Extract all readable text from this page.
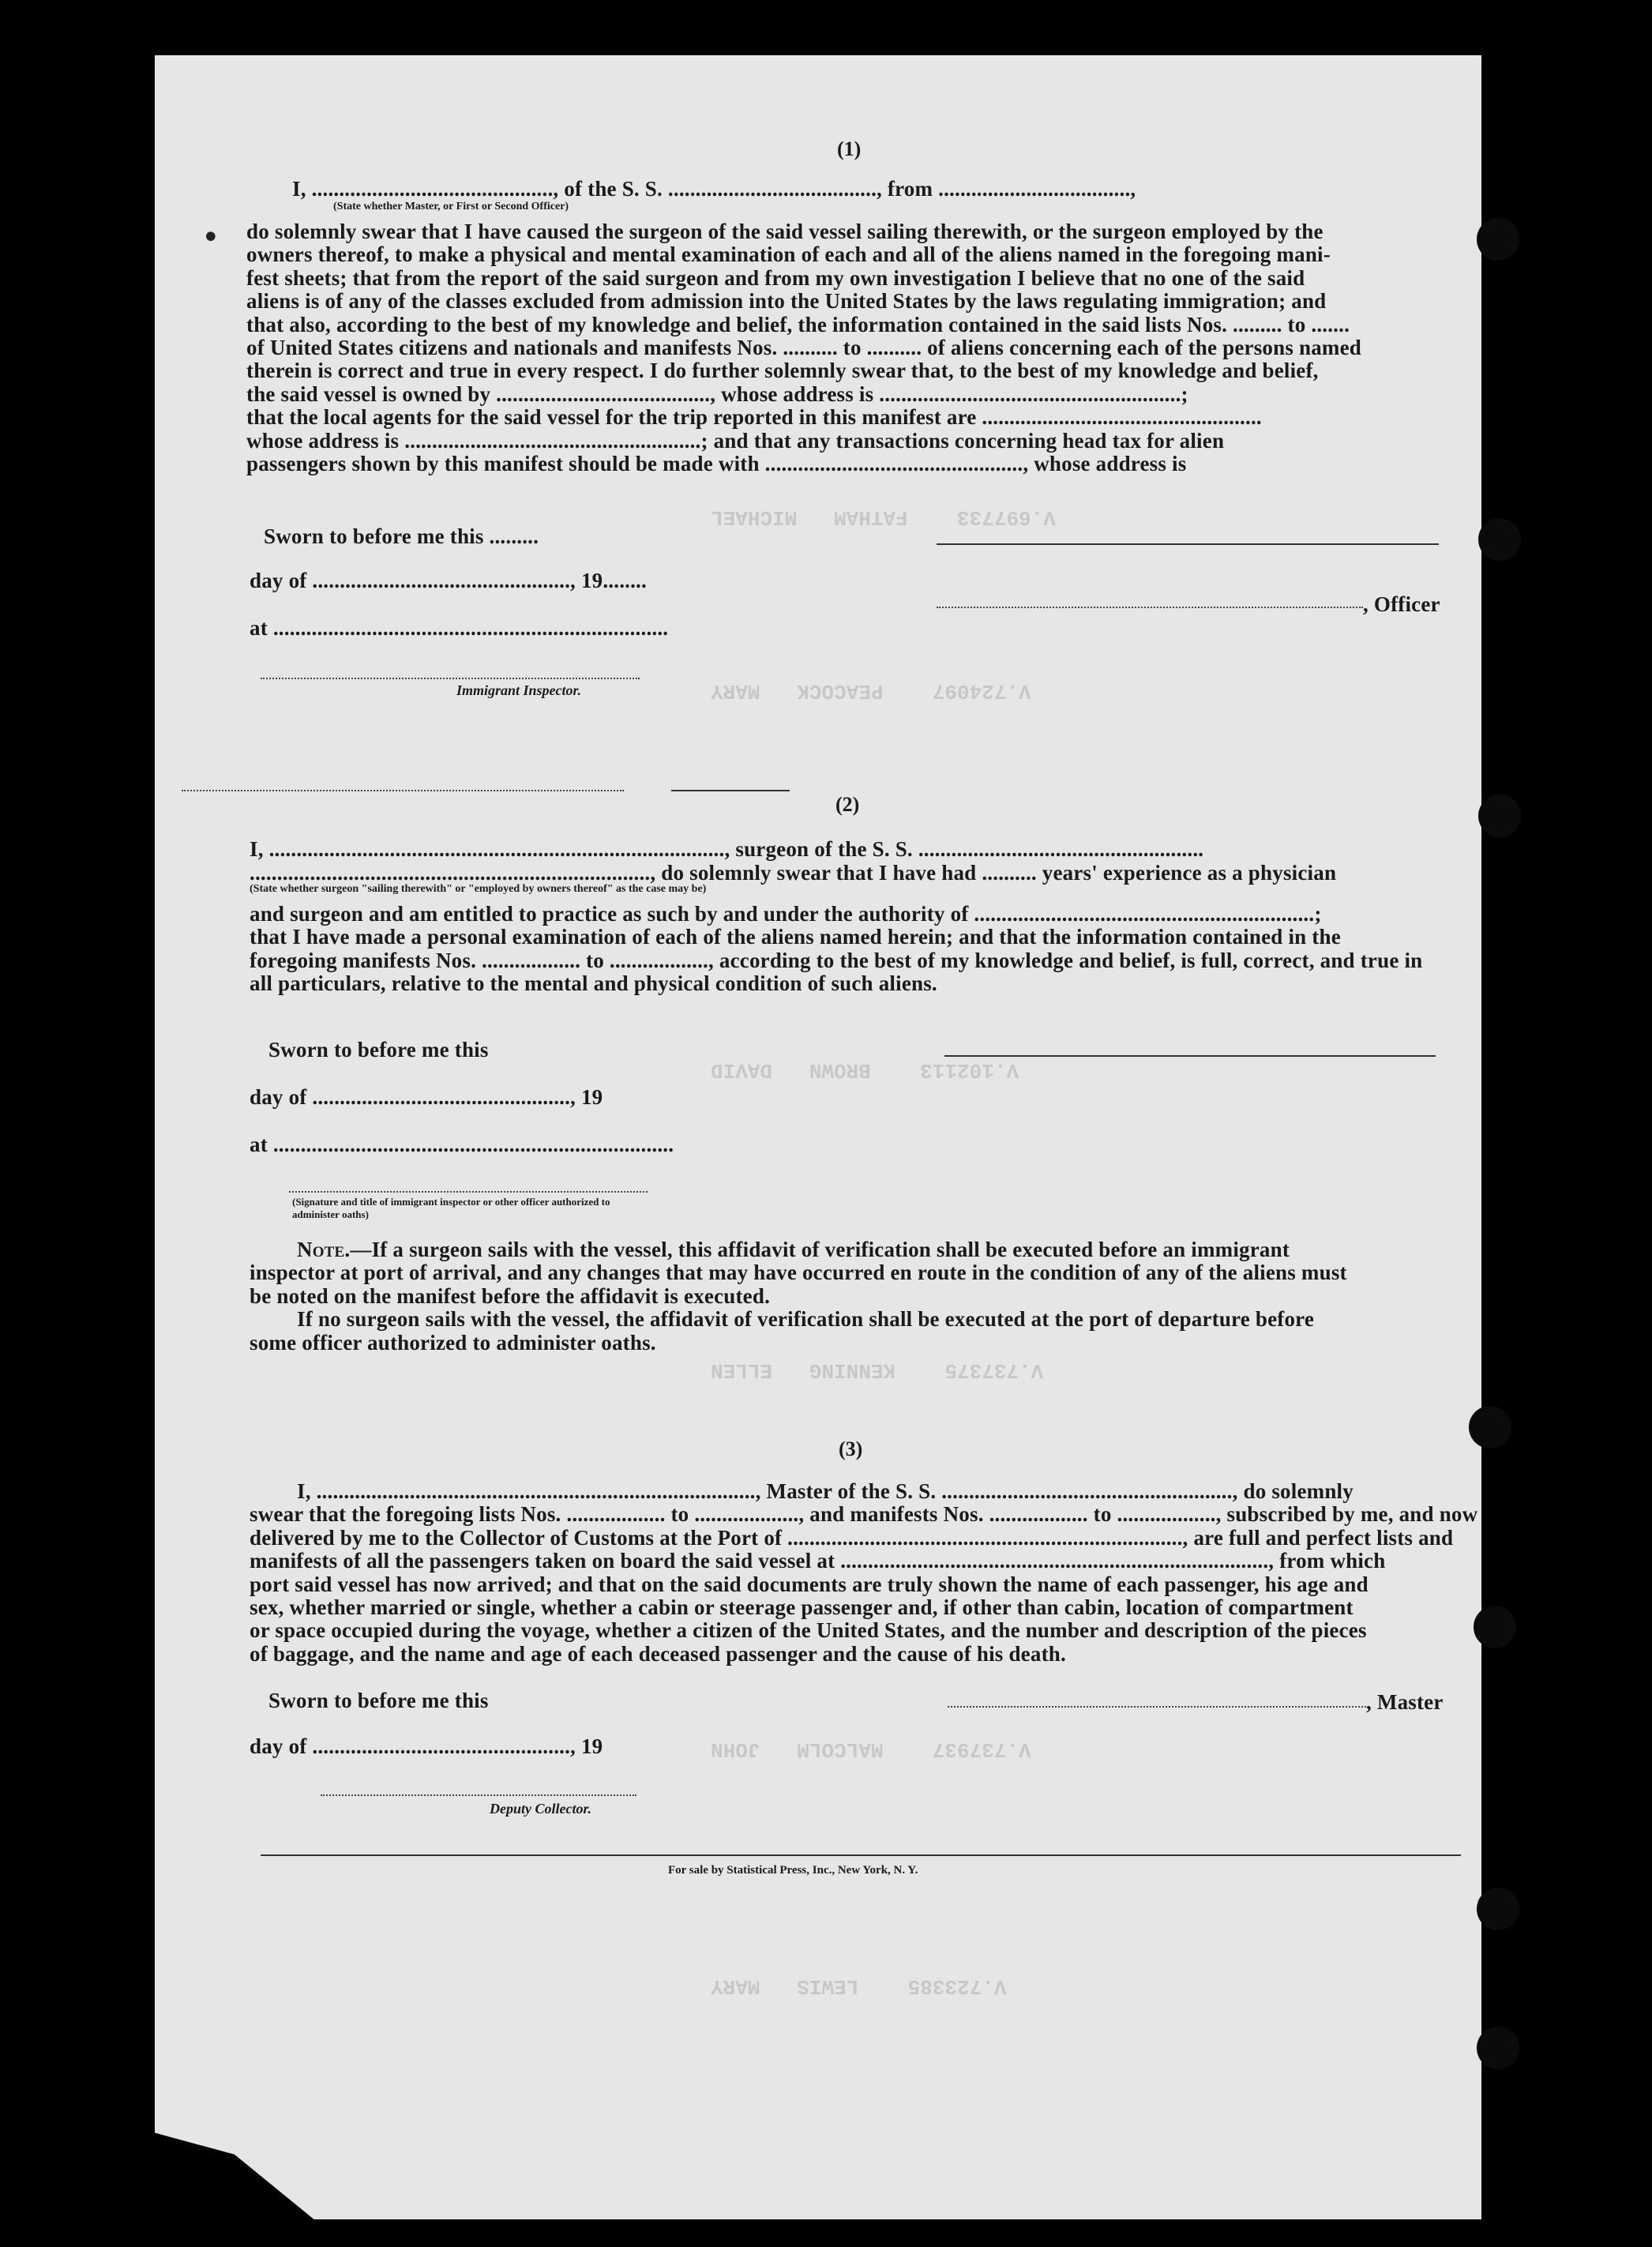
V.697733    FATHAM   MICHAEL
V.724097    PEACOCK   MARY
V.102113    BROWN   DAVID
V.737375    KENNING   ELLEN
V.737937    MALCOLM   JOHN
V.723385    LEWIS   MARY
(1)
I, ............................................, of the S. S. ......................................, from ...................................,
(State whether Master, or First or Second Officer)
do solemnly swear that I have caused the surgeon of the said vessel sailing therewith, or the surgeon employed by the
owners thereof, to make a physical and mental examination of each and all of the aliens named in the foregoing mani-
fest sheets; that from the report of the said surgeon and from my own investigation I believe that no one of the said
aliens is of any of the classes excluded from admission into the United States by the laws regulating immigration; and
that also, according to the best of my knowledge and belief, the information contained in the said lists Nos. ......... to .......
of United States citizens and nationals and manifests Nos. .......... to .......... of aliens concerning each of the persons named
therein is correct and true in every respect. I do further solemnly swear that, to the best of my knowledge and belief,
the said vessel is owned by ......................................., whose address is .......................................................;
that the local agents for the said vessel for the trip reported in this manifest are ...................................................
whose address is ......................................................; and that any transactions concerning head tax for alien
passengers shown by this manifest should be made with ..............................................., whose address is
•
Sworn to before me this .........
day of ..............................................., 19........
at ........................................................................
Immigrant Inspector.
, Officer
(2)
I, ..................................................................................., surgeon of the S. S. ....................................................
........................................................................., do solemnly swear that I have had .......... years' experience as a physician
(State whether surgeon "sailing therewith" or "employed by owners thereof" as the case may be)
and surgeon and am entitled to practice as such by and under the authority of ..............................................................;
that I have made a personal examination of each of the aliens named herein; and that the information contained in the
foregoing manifests Nos. .................. to .................., according to the best of my knowledge and belief, is full, correct, and true in
all particulars, relative to the mental and physical condition of such aliens.
Sworn to before me this
day of ..............................................., 19
at .........................................................................
(Signature and title of immigrant inspector or other officer authorized to administer oaths)
Note.—If a surgeon sails with the vessel, this affidavit of verification shall be executed before an immigrant
inspector at port of arrival, and any changes that may have occurred en route in the condition of any of the aliens must
be noted on the manifest before the affidavit is executed.
If no surgeon sails with the vessel, the affidavit of verification shall be executed at the port of departure before
some officer authorized to administer oaths.
(3)
I, ................................................................................, Master of the S. S. ....................................................., do solemnly
swear that the foregoing lists Nos. .................. to ..................., and manifests Nos. .................. to .................., subscribed by me, and now
delivered by me to the Collector of Customs at the Port of ........................................................................, are full and perfect lists and
manifests of all the passengers taken on board the said vessel at .............................................................................., from which
port said vessel has now arrived; and that on the said documents are truly shown the name of each passenger, his age and
sex, whether married or single, whether a cabin or steerage passenger and, if other than cabin, location of compartment
or space occupied during the voyage, whether a citizen of the United States, and the number and description of the pieces
of baggage, and the name and age of each deceased passenger and the cause of his death.
Sworn to before me this
day of ..............................................., 19
, Master
Deputy Collector.
For sale by Statistical Press, Inc., New York, N. Y.
